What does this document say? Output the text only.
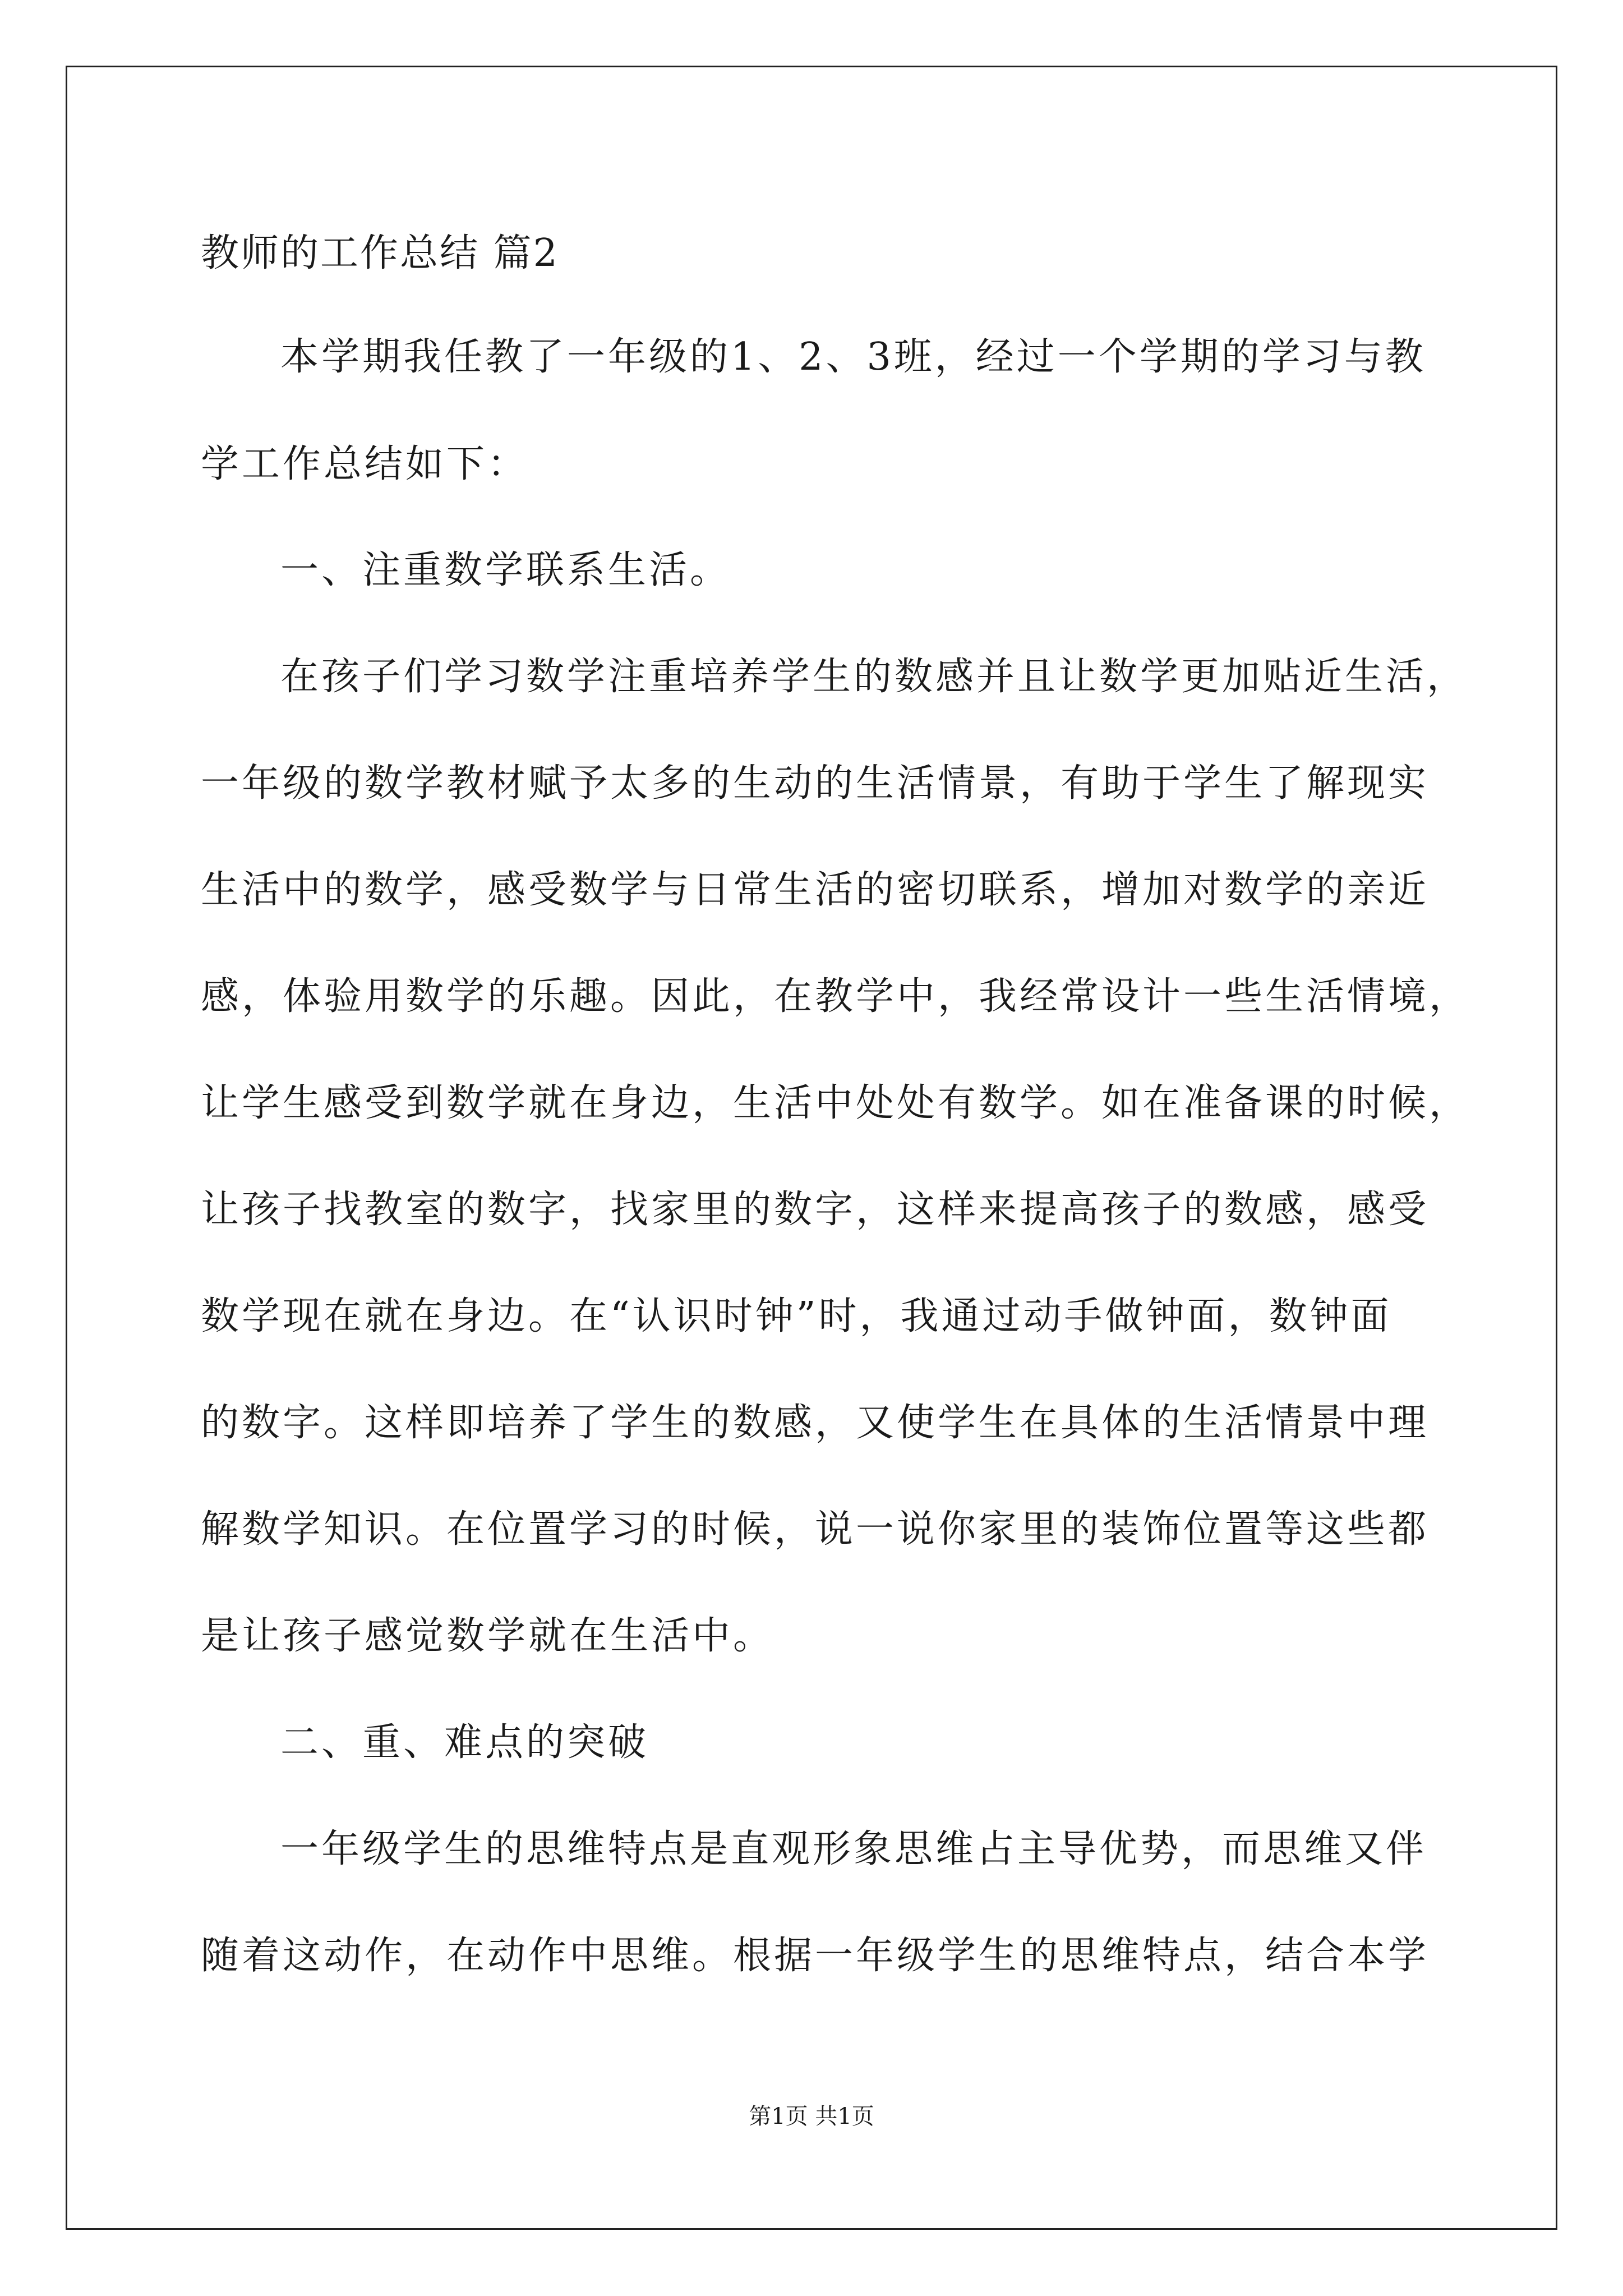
教师的工作总结 篇2
本学期我任教了一年级的1、2、3班，经过一个学期的学习与教
学工作总结如下：
一、注重数学联系生活。
在孩子们学习数学注重培养学生的数感并且让数学更加贴近生活，
一年级的数学教材赋予太多的生动的生活情景，有助于学生了解现实
生活中的数学，感受数学与日常生活的密切联系，增加对数学的亲近
感，体验用数学的乐趣。因此，在教学中，我经常设计一些生活情境，
让学生感受到数学就在身边，生活中处处有数学。如在准备课的时候，
让孩子找教室的数字，找家里的数字，这样来提高孩子的数感，感受
数学现在就在身边。在“认识时钟”时，我通过动手做钟面，数钟面
的数字。这样即培养了学生的数感，又使学生在具体的生活情景中理
解数学知识。在位置学习的时候，说一说你家里的装饰位置等这些都
是让孩子感觉数学就在生活中。
二、重、难点的突破
一年级学生的思维特点是直观形象思维占主导优势，而思维又伴
随着这动作，在动作中思维。根据一年级学生的思维特点，结合本学
第1页 共1页
